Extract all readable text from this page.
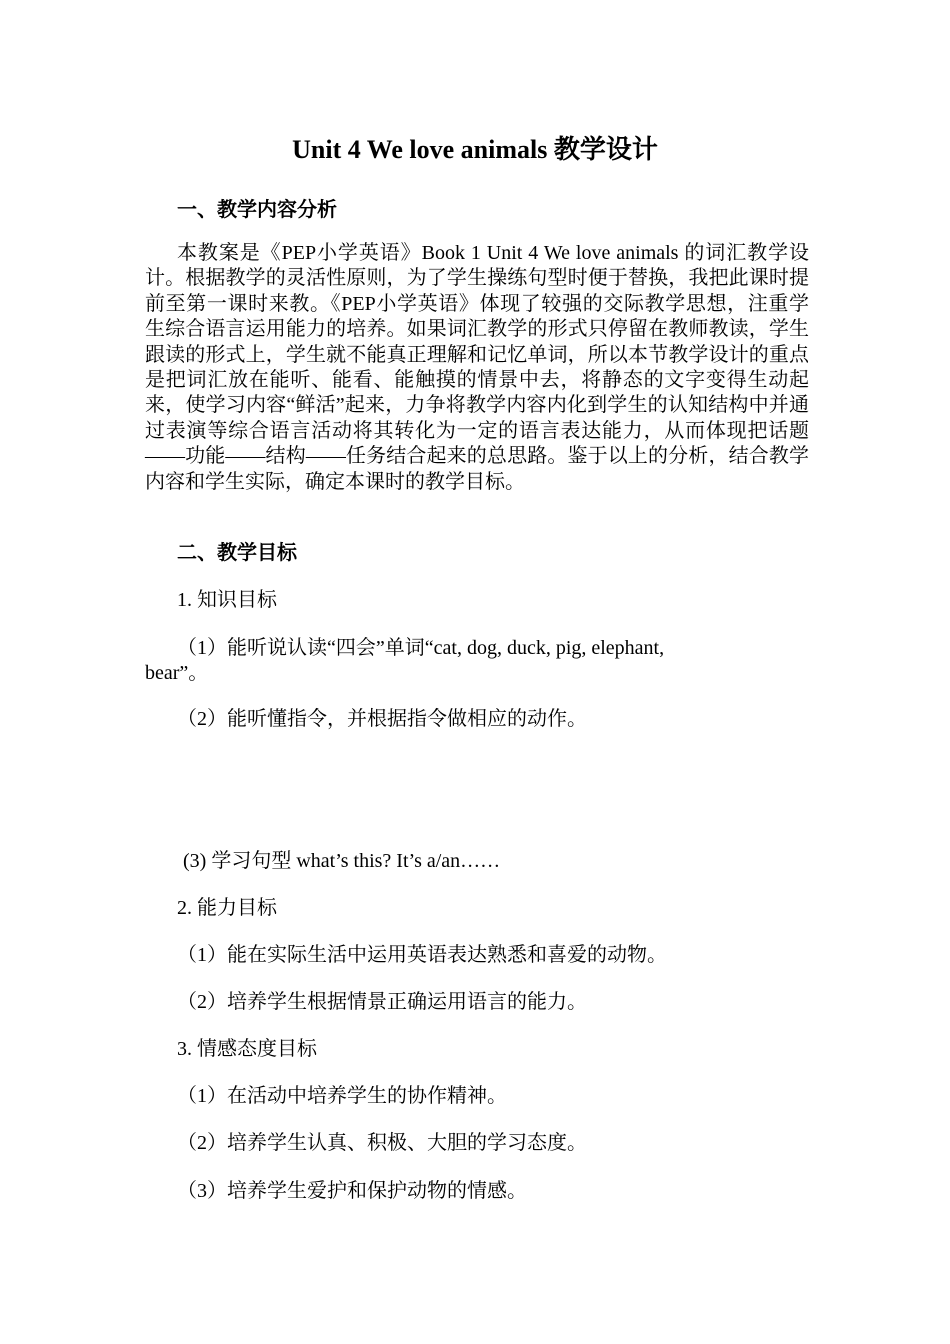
Unit 4 We love animals 教学设计
一、教学内容分析
本教案是《PEP小学英语》Book 1 Unit 4 We love animals 的词汇教学设计。根据教学的灵活性原则，为了学生操练句型时便于替换，我把此课时提前至第一课时来教。《PEP小学英语》体现了较强的交际教学思想，注重学生综合语言运用能力的培养。如果词汇教学的形式只停留在教师教读，学生跟读的形式上，学生就不能真正理解和记忆单词，所以本节教学设计的重点是把词汇放在能听、能看、能触摸的情景中去，将静态的文字变得生动起来，使学习内容“鲜活”起来，力争将教学内容内化到学生的认知结构中并通过表演等综合语言活动将其转化为一定的语言表达能力，从而体现把话题——功能——结构——任务结合起来的总思路。鉴于以上的分析，结合教学内容和学生实际，确定本课时的教学目标。
二、教学目标
1. 知识目标
（1）能听说认读“四会”单词“cat, dog, duck, pig, elephant,
bear”。
（2）能听懂指令，并根据指令做相应的动作。
(3) 学习句型 what’s this? It’s a/an……
2. 能力目标
（1）能在实际生活中运用英语表达熟悉和喜爱的动物。
（2）培养学生根据情景正确运用语言的能力。
3. 情感态度目标
（1）在活动中培养学生的协作精神。
（2）培养学生认真、积极、大胆的学习态度。
（3）培养学生爱护和保护动物的情感。
